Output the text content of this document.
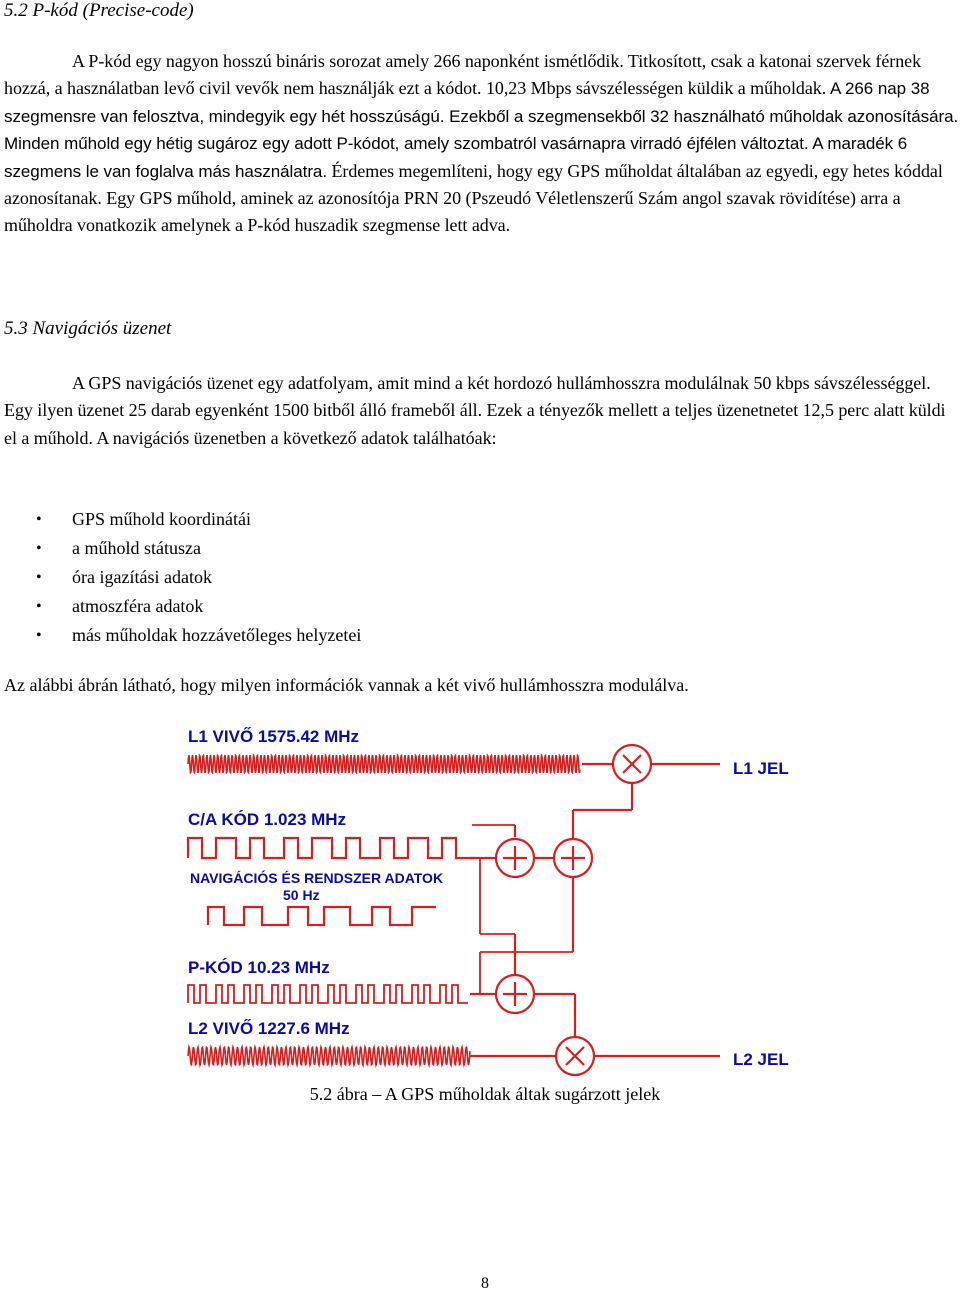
5.2 P-kód (Precise-code)

A P-kód egy nagyon hosszú bináris sorozat amely 266 naponként ismétlődik. Titkosított, csak a katonai szervek férnek hozzá, a használatban levő civil vevők nem használják ezt a kódot. 10,23 Mbps sávszélességen küldik a műholdak. A 266 nap 38 szegmensre van felosztva, mindegyik egy hét hosszúságú. Ezekből a szegmensekből 32 használható műholdak azonosítására. Minden műhold egy hétig sugároz egy adott P-kódot, amely szombatról vasárnapra virradó éjfélen változtat. A maradék 6 szegmens le van foglalva más használatra. Érdemes megemlíteni, hogy egy GPS műholdat általában az egyedi, egy hetes kóddal azonosítanak. Egy GPS műhold, aminek az azonosítója PRN 20 (Pszeudó Véletlenszerű Szám angol szavak rövidítése) arra a műholdra vonatkozik amelynek a P-kód huszadik szegmense lett adva.

5.3 Navigációs üzenet

A GPS navigációs üzenet egy adatfolyam, amit mind a két hordozó hullámhosszra modulálnak 50 kbps sávszélességgel. Egy ilyen üzenet 25 darab egyenként 1500 bitből álló frameből áll. Ezek a tényezők mellett a teljes üzenetnetet 12,5 perc alatt küldi el a műhold. A navigációs üzenetben a következő adatok találhatóak:

• GPS műhold koordinátái
• a műhold státusza
• óra igazítási adatok
• atmoszféra adatok
• más műholdak hozzávetőleges helyzetei

Az alábbi ábrán látható, hogy milyen információk vannak a két vivő hullámhosszra modulálva.

L1 VIVŐ 1575.42 MHz
C/A KÓD 1.023 MHz
NAVIGÁCIÓS ÉS RENDSZER ADATOK
50 Hz
P-KÓD 10.23 MHz
L2 VIVŐ 1227.6 MHz
L1 JEL
L2 JEL

5.2 ábra – A GPS műholdak áltak sugárzott jelek

8
